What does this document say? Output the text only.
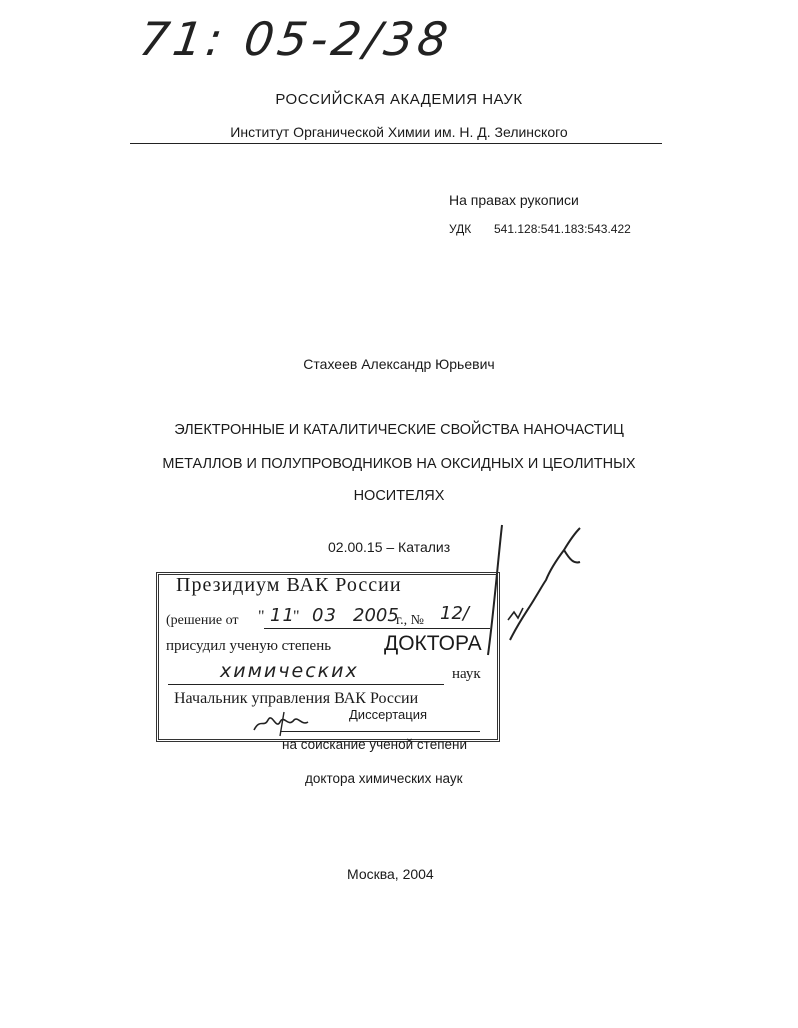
71: 05-2/38
РОССИЙСКАЯ АКАДЕМИЯ НАУК
Институт Органической Химии им. Н. Д. Зелинского
На правах рукописи
УДК 541.128:541.183:543.422
Стахеев Александр Юрьевич
ЭЛЕКТРОННЫЕ И КАТАЛИТИЧЕСКИЕ СВОЙСТВА НАНОЧАСТИЦ
МЕТАЛЛОВ И ПОЛУПРОВОДНИКОВ НА ОКСИДНЫХ И ЦЕОЛИТНЫХ
НОСИТЕЛЯХ
02.00.15 – Катализ
Президиум ВАК России
(решение от " 11
" 03 2005
г., № 12/
присудил ученую степень	ДОКТОРА
химических	наук
Начальник управления ВАК России
Диссертация
на соискание ученой степени
доктора химических наук
Москва, 2004
